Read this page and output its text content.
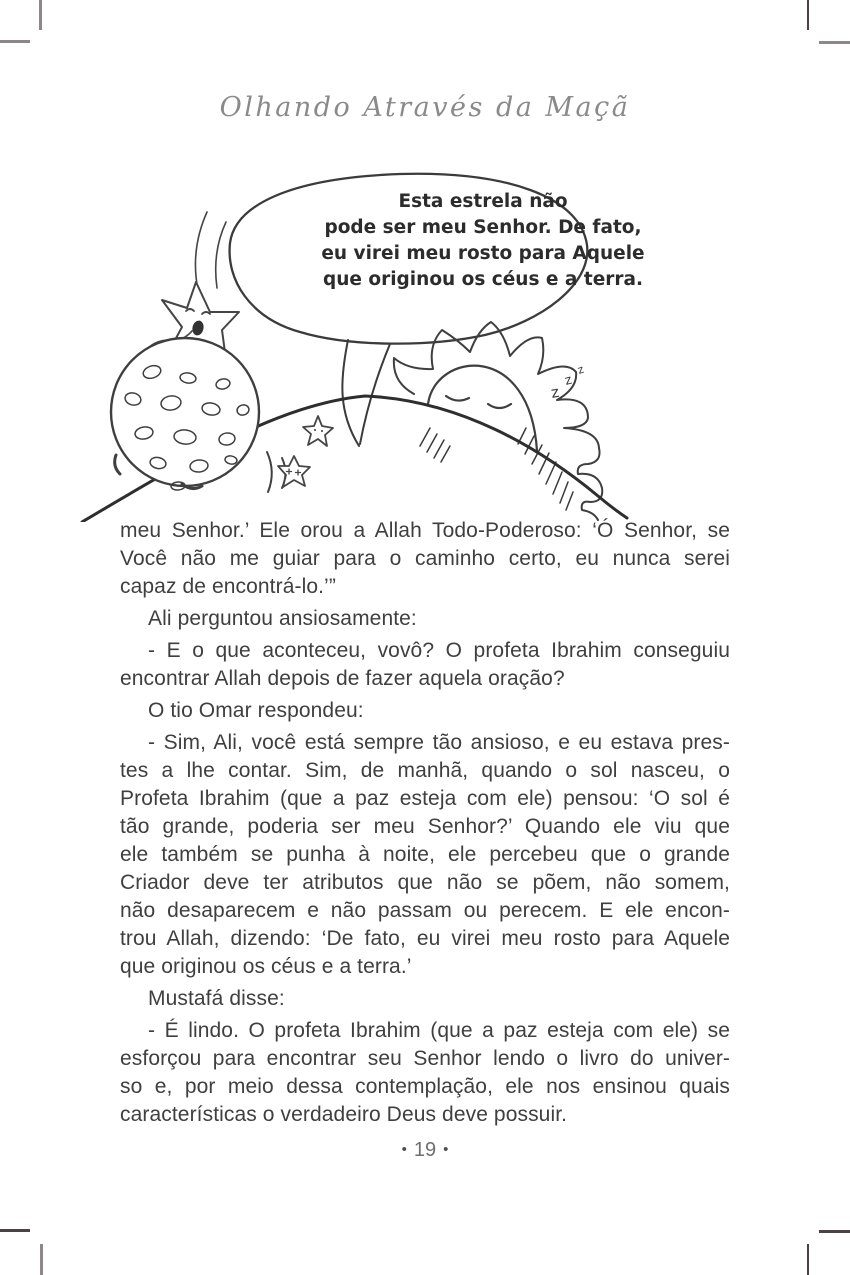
Olhando Através da Maçã
z
z
z
Esta estrela não
pode ser meu Senhor. De fato,
eu virei meu rosto para Aquele
que originou os céus e a terra.

meu Senhor.’ Ele orou a Allah Todo-Poderoso: ‘Ó Senhor, se
Você não me guiar para o caminho certo, eu nunca serei
capaz de encontrá-lo.’”

Ali perguntou ansiosamente:

- E o que aconteceu, vovô? O profeta Ibrahim conseguiu
encontrar Allah depois de fazer aquela oração?

O tio Omar respondeu:

- Sim, Ali, você está sempre tão ansioso, e eu estava pres-
tes a lhe contar. Sim, de manhã, quando o sol nasceu, o
Profeta Ibrahim (que a paz esteja com ele) pensou: ‘O sol é
tão grande, poderia ser meu Senhor?’ Quando ele viu que
ele também se punha à noite, ele percebeu que o grande
Criador deve ter atributos que não se põem, não somem,
não desaparecem e não passam ou perecem. E ele encon-
trou Allah, dizendo: ‘De fato, eu virei meu rosto para Aquele
que originou os céus e a terra.’

Mustafá disse:

- É lindo. O profeta Ibrahim (que a paz esteja com ele) se
esforçou para encontrar seu Senhor lendo o livro do univer-
so e, por meio dessa contemplação, ele nos ensinou quais
características o verdadeiro Deus deve possuir.

• 19 •
